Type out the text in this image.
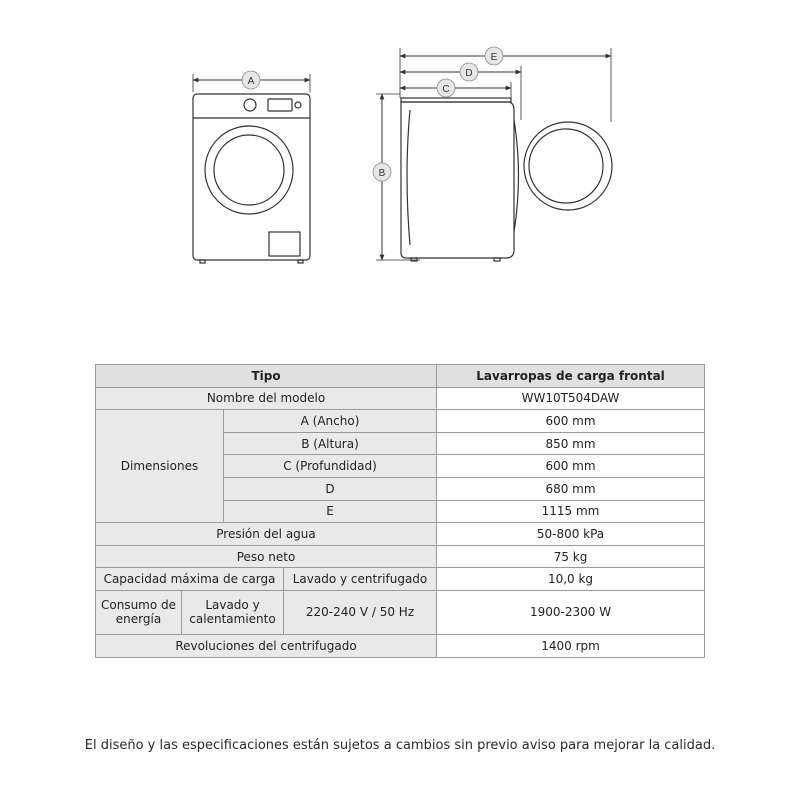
A
B
E
D
C
Tipo				Lavarropas de carga frontal
Nombre del modelo				WW10T504DAW
Dimensiones		A (Ancho)		600 mm
		B (Altura)		850 mm
		C (Profundidad)		600 mm
		D		680 mm
		E		1115 mm
Presión del agua				50-800 kPa
Peso neto				75 kg
Capacidad máxima de carga			Lavado y centrifugado	10,0 kg
Consumo de energía	Lavado y calentamiento		220-240 V / 50 Hz	1900-2300 W
Revoluciones del centrifugado				1400 rpm
El diseño y las especificaciones están sujetos a cambios sin previo aviso para mejorar la calidad.
